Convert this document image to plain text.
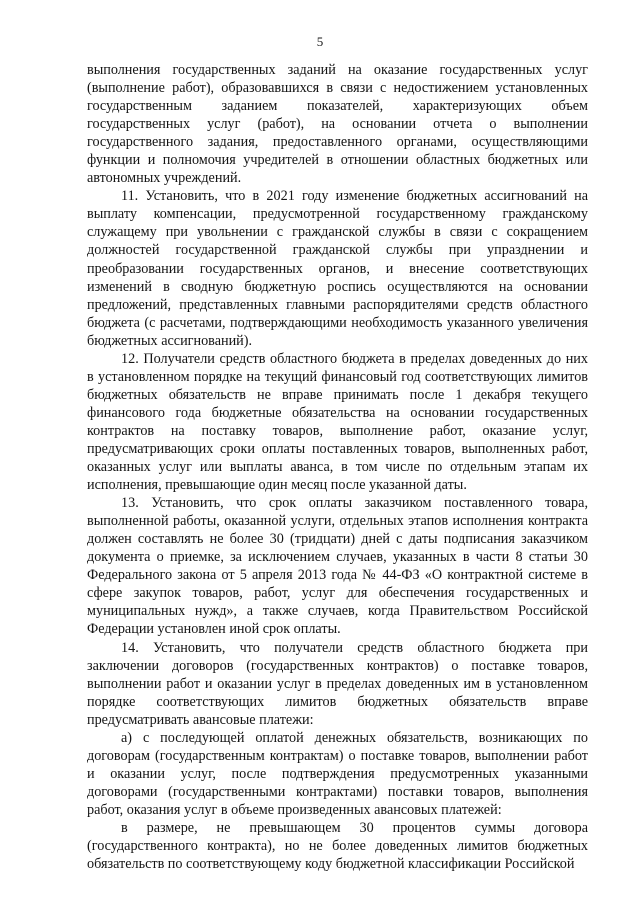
5

выполнения государственных заданий на оказание государственных услуг (выполнение работ), образовавшихся в связи с недостижением установленных государственным заданием показателей, характеризующих объем государственных услуг (работ), на основании отчета о выполнении государственного задания, предоставленного органами, осуществляющими функции и полномочия учредителей в отношении областных бюджетных или автономных учреждений.

11. Установить, что в 2021 году изменение бюджетных ассигнований на выплату компенсации, предусмотренной государственному гражданскому служащему при увольнении с гражданской службы в связи с сокращением должностей государственной гражданской службы при упразднении и преобразовании государственных органов, и внесение соответствующих изменений в сводную бюджетную роспись осуществляются на основании предложений, представленных главными распорядителями средств областного бюджета (с расчетами, подтверждающими необходимость указанного увеличения бюджетных ассигнований).

12. Получатели средств областного бюджета в пределах доведенных до них в установленном порядке на текущий финансовый год соответствующих лимитов бюджетных обязательств не вправе принимать после 1 декабря текущего финансового года бюджетные обязательства на основании государственных контрактов на поставку товаров, выполнение работ, оказание услуг, предусматривающих сроки оплаты поставленных товаров, выполненных работ, оказанных услуг или выплаты аванса, в том числе по отдельным этапам их исполнения, превышающие один месяц после указанной даты.

13. Установить, что срок оплаты заказчиком поставленного товара, выполненной работы, оказанной услуги, отдельных этапов исполнения контракта должен составлять не более 30 (тридцати) дней с даты подписания заказчиком документа о приемке, за исключением случаев, указанных в части 8 статьи 30 Федерального закона от 5 апреля 2013 года № 44-ФЗ «О контрактной системе в сфере закупок товаров, работ, услуг для обеспечения государственных и муниципальных нужд», а также случаев, когда Правительством Российской Федерации установлен иной срок оплаты.

14. Установить, что получатели средств областного бюджета при заключении договоров (государственных контрактов) о поставке товаров, выполнении работ и оказании услуг в пределах доведенных им в установленном порядке соответствующих лимитов бюджетных обязательств вправе предусматривать авансовые платежи:

а) с последующей оплатой денежных обязательств, возникающих по договорам (государственным контрактам) о поставке товаров, выполнении работ и оказании услуг, после подтверждения предусмотренных указанными договорами (государственными контрактами) поставки товаров, выполнения работ, оказания услуг в объеме произведенных авансовых платежей:

в размере, не превышающем 30 процентов суммы договора (государственного контракта), но не более доведенных лимитов бюджетных обязательств по соответствующему коду бюджетной классификации Российской
